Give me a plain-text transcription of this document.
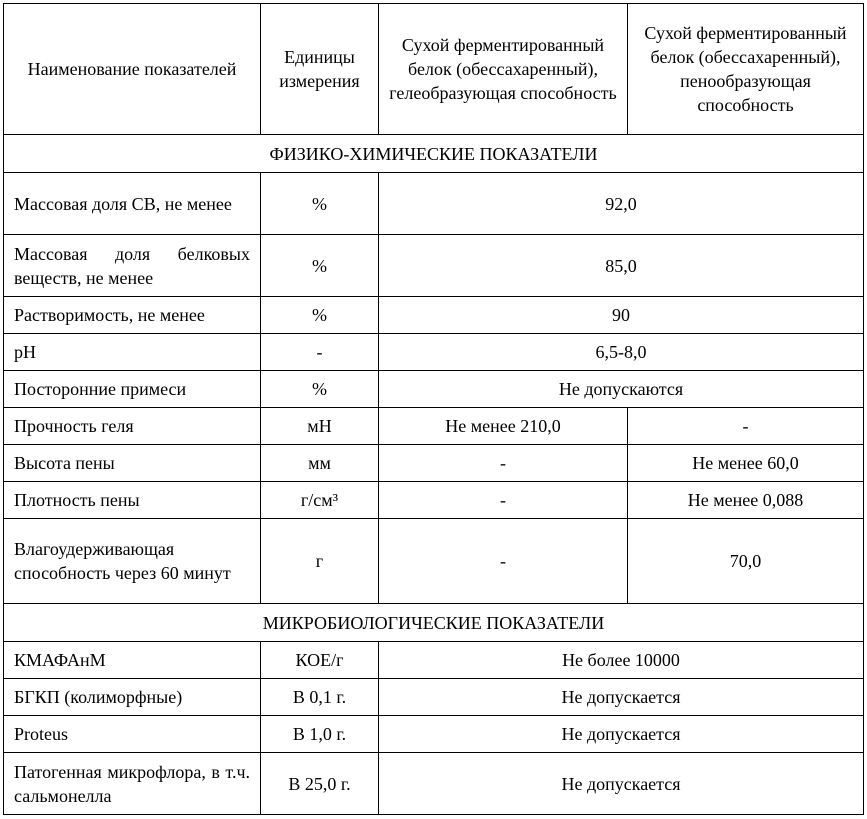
Наименование показателей	Единицы измерения	Сухой ферментированный белок (обессахаренный), гелеобразующая способность	Сухой ферментированный белок (обессахаренный), пенообразующая способность
ФИЗИКО-ХИМИЧЕСКИЕ ПОКАЗАТЕЛИ			
Массовая доля СВ, не менее	%	92,0	
Массовая доля белковых веществ, не менее	%	85,0	
Растворимость, не менее	%	90	
pH	-	6,5-8,0	
Посторонние примеси	%	Не допускаются	
Прочность геля	мН	Не менее 210,0	-
Высота пены	мм	-	Не менее 60,0
Плотность пены	г/см³	-	Не менее 0,088
Влагоудерживающая способность через 60 минут	г	-	70,0
МИКРОБИОЛОГИЧЕСКИЕ ПОКАЗАТЕЛИ			
КМАФАнМ	КОЕ/г	Не более 10000	
БГКП (колиморфные)	В 0,1 г.	Не допускается	
Proteus	В 1,0 г.	Не допускается	
Патогенная микрофлора, в т.ч. сальмонелла	В 25,0 г.	Не допускается	
